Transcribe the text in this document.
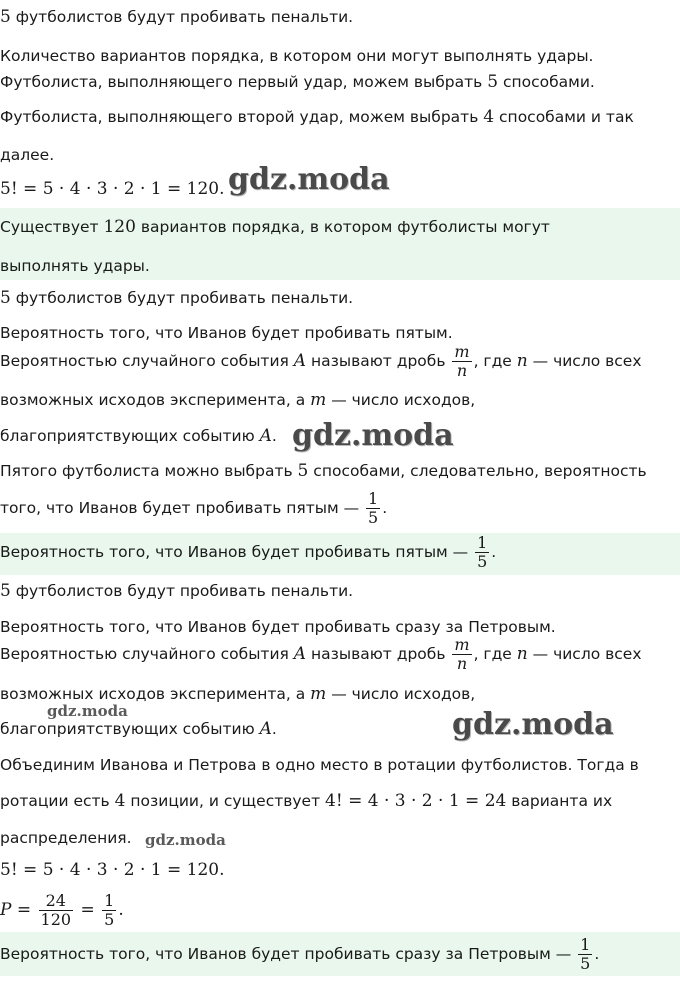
5 футболистов будут пробивать пенальти.
Количество вариантов порядка, в котором они могут выполнять удары.
Футболиста, выполняющего первый удар, можем выбрать 5 способами.
Футболиста, выполняющего второй удар, можем выбрать 4 способами и так
далее.
5! = 5 · 4 · 3 · 2 · 1 = 120.
Существует 120 вариантов порядка, в котором футболисты могут
выполнять удары.
5 футболистов будут пробивать пенальти.
Вероятность того, что Иванов будет пробивать пятым.
Вероятностью случайного события A называют дробь $\frac{m}{n}$ , где n — число всех
возможных исходов эксперимента, а m — число исходов,
благоприятствующих событию A.
Пятого футболиста можно выбрать 5 способами, следовательно, вероятность
того, что Иванов будет пробивать пятым — $\frac{1}{5}$ .
Вероятность того, что Иванов будет пробивать пятым — $\frac{1}{5}$ .
5 футболистов будут пробивать пенальти.
Вероятность того, что Иванов будет пробивать сразу за Петровым.
Вероятностью случайного события A называют дробь $\frac{m}{n}$ , где n — число всех
возможных исходов эксперимента, а m — число исходов,
благоприятствующих событию A.
Объединим Иванова и Петрова в одно место в ротации футболистов. Тогда в
ротации есть 4 позиции, и существует 4! = 4 · 3 · 2 · 1 = 24 варианта их
распределения.
5! = 5 · 4 · 3 · 2 · 1 = 120.
$P = \frac{24}{120} = \frac{1}{5}$ .
Вероятность того, что Иванов будет пробивать сразу за Петровым — $\frac{1}{5}$ .
gdz.moda
gdz.moda
gdz.moda	gdz.moda
gdz.moda
